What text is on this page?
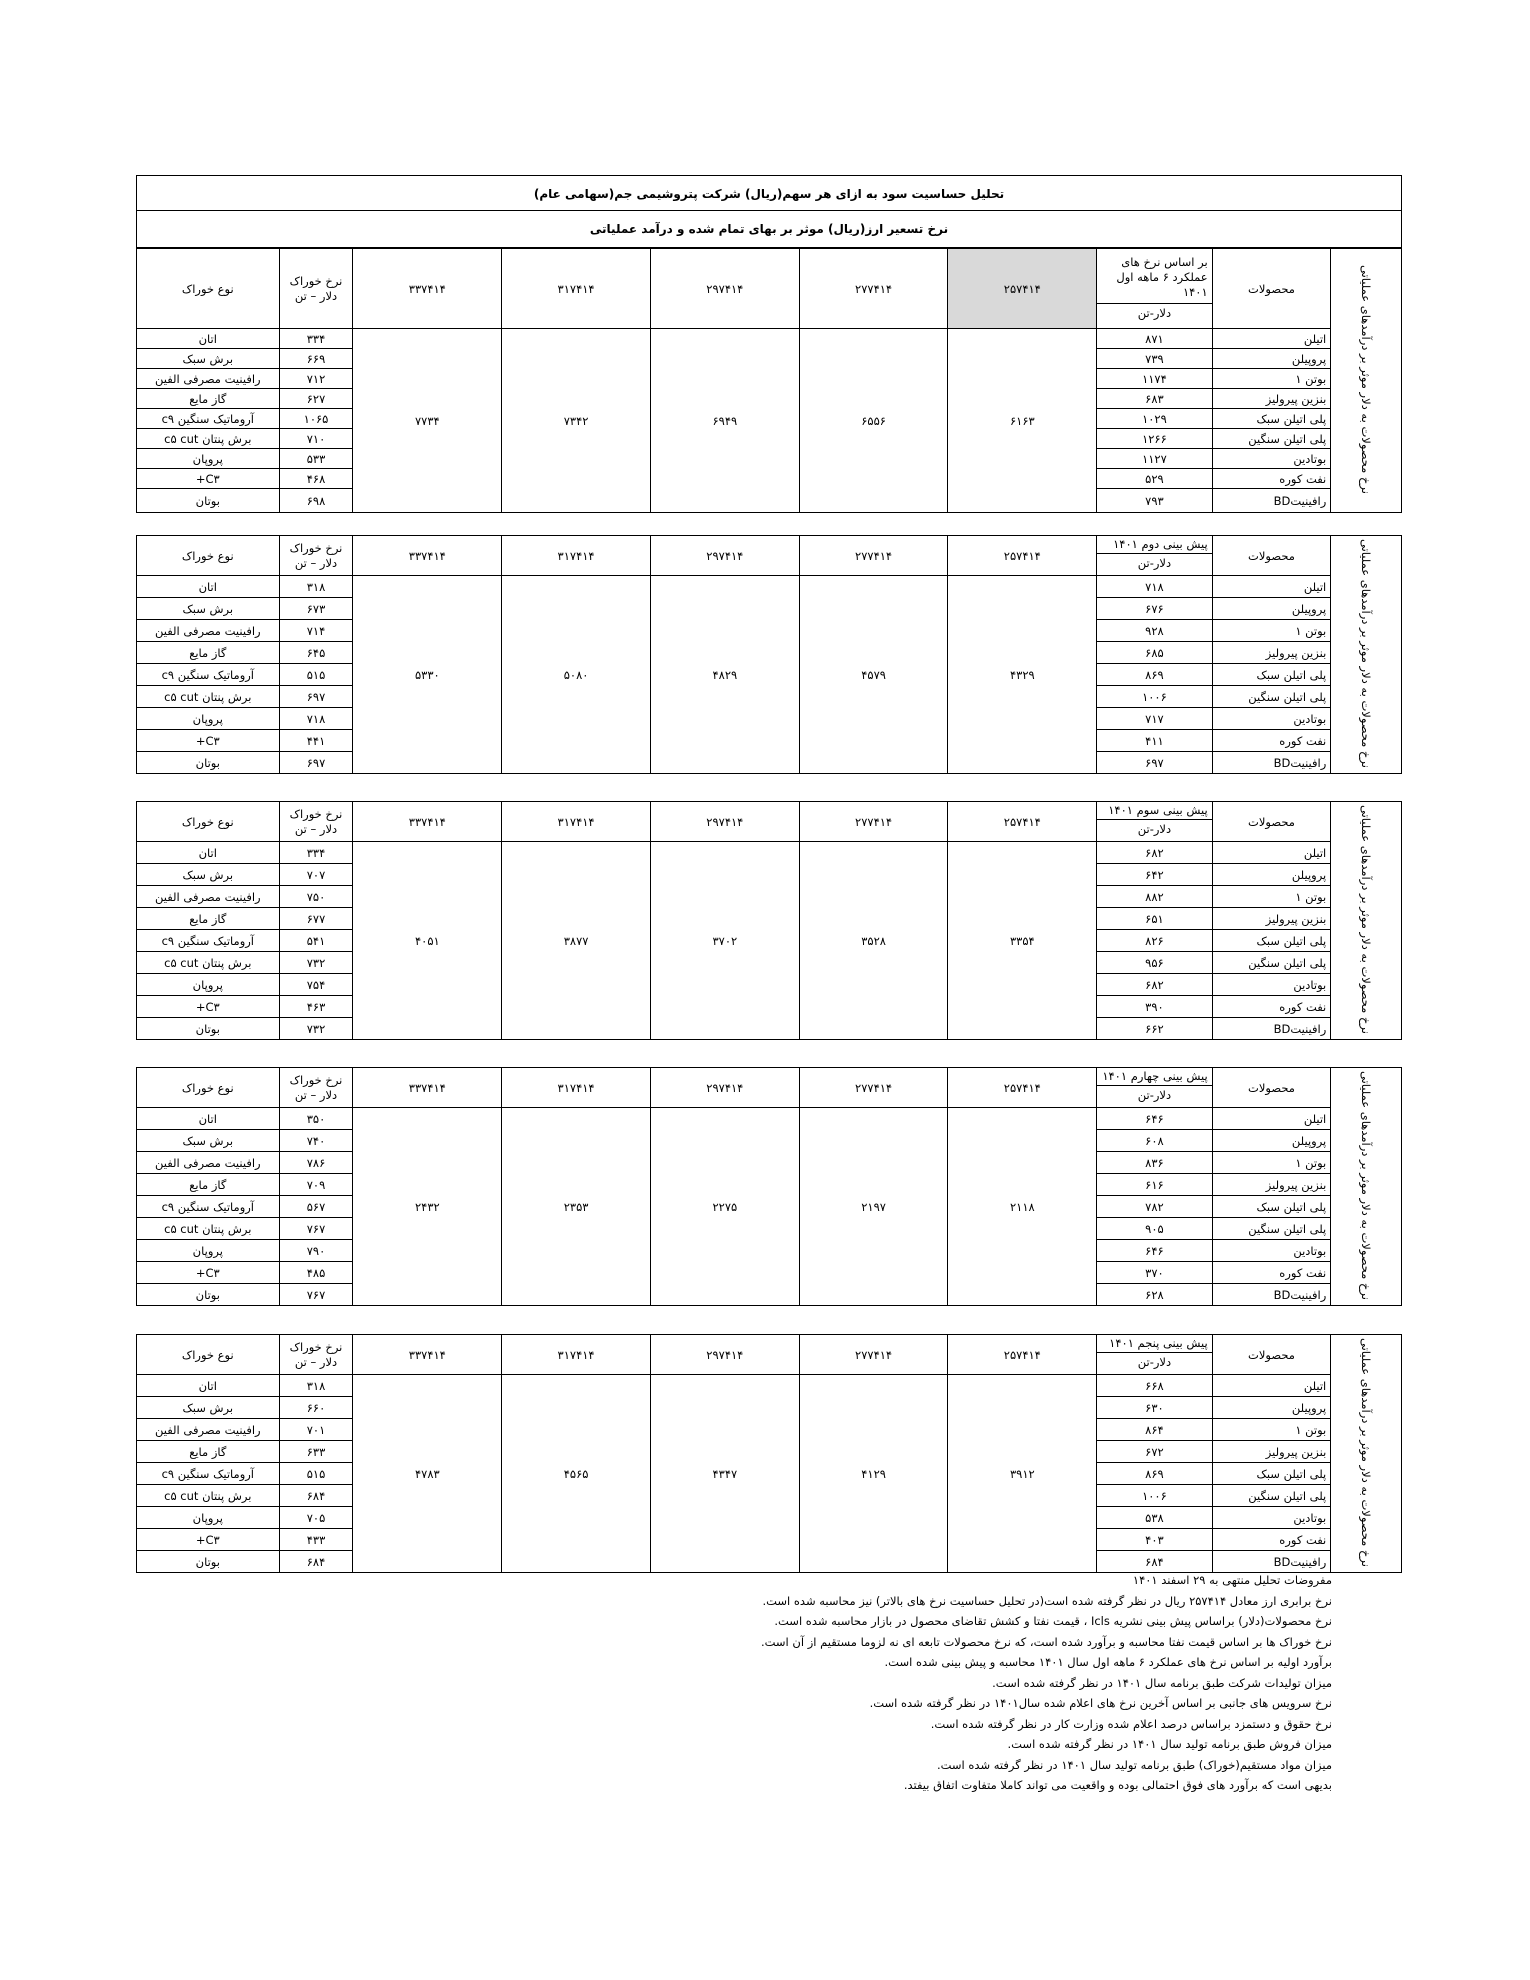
تحلیل حساسیت سود به ازای هر سهم(ریال) شرکت پتروشیمی جم(سهامی عام)
نرخ تسعیر ارز(ریال) موثر بر بهای تمام شده و درآمد عملیاتی
نرخ محصولات به دلار موثر بر درآمدهای عملیاتی	محصولات	بر اساس نرخ های عملکرد ۶ ماهه اول ۱۴۰۱
دلار-تن	۲۵۷۴۱۴	۲۷۷۴۱۴	۲۹۷۴۱۴	۳۱۷۴۱۴	۳۳۷۴۱۴	نرخ خوراک دلار – تن	نوع خوراک
	اتیلن	۸۷۱	۶۱۶۳	۶۵۵۶	۶۹۴۹	۷۳۴۲	۷۷۳۴	۳۳۴	اتان
	پروپیلن	۷۳۹						۶۶۹	برش سبک
	بوتن ۱	۱۱۷۴						۷۱۲	رافینیت مصرفی الفین
	بنزین پیرولیز	۶۸۳						۶۲۷	گاز مایع
	پلی اتیلن سبک	۱۰۲۹						۱۰۶۵	آروماتیک سنگین c۹
	پلی اتیلن سنگین	۱۲۶۶						۷۱۰	برش پنتان c۵ cut
	بوتادین	۱۱۲۷						۵۳۳	پروپان
	نفت کوره	۵۲۹						۴۶۸	C۳+
	رافینیتBD	۷۹۳						۶۹۸	بوتان
نرخ محصولات به دلار موثر بر درآمدهای عملیاتی	محصولات	پیش بینی دوم ۱۴۰۱
دلار-تن	۲۵۷۴۱۴	۲۷۷۴۱۴	۲۹۷۴۱۴	۳۱۷۴۱۴	۳۳۷۴۱۴	نرخ خوراک دلار – تن	نوع خوراک
	اتیلن	۷۱۸	۴۳۲۹	۴۵۷۹	۴۸۲۹	۵۰۸۰	۵۳۳۰	۳۱۸	اتان
	پروپیلن	۶۷۶						۶۷۳	برش سبک
	بوتن ۱	۹۲۸						۷۱۴	رافینیت مصرفی الفین
	بنزین پیرولیز	۶۸۵						۶۴۵	گاز مایع
	پلی اتیلن سبک	۸۶۹						۵۱۵	آروماتیک سنگین c۹
	پلی اتیلن سنگین	۱۰۰۶						۶۹۷	برش پنتان c۵ cut
	بوتادین	۷۱۷						۷۱۸	پروپان
	نفت کوره	۴۱۱						۴۴۱	C۳+
	رافینیتBD	۶۹۷						۶۹۷	بوتان
نرخ محصولات به دلار موثر بر درآمدهای عملیاتی	محصولات	پیش بینی سوم ۱۴۰۱
دلار-تن	۲۵۷۴۱۴	۲۷۷۴۱۴	۲۹۷۴۱۴	۳۱۷۴۱۴	۳۳۷۴۱۴	نرخ خوراک دلار – تن	نوع خوراک
	اتیلن	۶۸۲	۳۳۵۴	۳۵۲۸	۳۷۰۲	۳۸۷۷	۴۰۵۱	۳۳۴	اتان
	پروپیلن	۶۴۲						۷۰۷	برش سبک
	بوتن ۱	۸۸۲						۷۵۰	رافینیت مصرفی الفین
	بنزین پیرولیز	۶۵۱						۶۷۷	گاز مایع
	پلی اتیلن سبک	۸۲۶						۵۴۱	آروماتیک سنگین c۹
	پلی اتیلن سنگین	۹۵۶						۷۳۲	برش پنتان c۵ cut
	بوتادین	۶۸۲						۷۵۴	پروپان
	نفت کوره	۳۹۰						۴۶۳	C۳+
	رافینیتBD	۶۶۲						۷۳۲	بوتان
نرخ محصولات به دلار موثر بر درآمدهای عملیاتی	محصولات	پیش بینی چهارم ۱۴۰۱
دلار-تن	۲۵۷۴۱۴	۲۷۷۴۱۴	۲۹۷۴۱۴	۳۱۷۴۱۴	۳۳۷۴۱۴	نرخ خوراک دلار – تن	نوع خوراک
	اتیلن	۶۴۶	۲۱۱۸	۲۱۹۷	۲۲۷۵	۲۳۵۳	۲۴۳۲	۳۵۰	اتان
	پروپیلن	۶۰۸						۷۴۰	برش سبک
	بوتن ۱	۸۳۶						۷۸۶	رافینیت مصرفی الفین
	بنزین پیرولیز	۶۱۶						۷۰۹	گاز مایع
	پلی اتیلن سبک	۷۸۲						۵۶۷	آروماتیک سنگین c۹
	پلی اتیلن سنگین	۹۰۵						۷۶۷	برش پنتان c۵ cut
	بوتادین	۶۴۶						۷۹۰	پروپان
	نفت کوره	۳۷۰						۴۸۵	C۳+
	رافینیتBD	۶۲۸						۷۶۷	بوتان
نرخ محصولات به دلار موثر بر درآمدهای عملیاتی	محصولات	پیش بینی پنجم ۱۴۰۱
دلار-تن	۲۵۷۴۱۴	۲۷۷۴۱۴	۲۹۷۴۱۴	۳۱۷۴۱۴	۳۳۷۴۱۴	نرخ خوراک دلار – تن	نوع خوراک
	اتیلن	۶۶۸	۳۹۱۲	۴۱۲۹	۴۳۴۷	۴۵۶۵	۴۷۸۳	۳۱۸	اتان
	پروپیلن	۶۳۰						۶۶۰	برش سبک
	بوتن ۱	۸۶۴						۷۰۱	رافینیت مصرفی الفین
	بنزین پیرولیز	۶۷۲						۶۳۳	گاز مایع
	پلی اتیلن سبک	۸۶۹						۵۱۵	آروماتیک سنگین c۹
	پلی اتیلن سنگین	۱۰۰۶						۶۸۴	برش پنتان c۵ cut
	بوتادین	۵۳۸						۷۰۵	پروپان
	نفت کوره	۴۰۳						۴۳۳	C۳+
	رافینیتBD	۶۸۴						۶۸۴	بوتان
مفروضات تحلیل منتهی به ۲۹ اسفند ۱۴۰۱
نرخ برابری ارز معادل ۲۵۷۴۱۴ ریال در نظر گرفته شده است(در تحلیل حساسیت نرخ های بالاتر) نیز محاسبه شده است.
نرخ محصولات(دلار) براساس پیش بینی نشریه Icls ، قیمت نفتا و کشش تقاضای محصول در بازار محاسبه شده است.
نرخ خوراک ها بر اساس قیمت نفتا محاسبه و برآورد شده است، که نرخ محصولات تابعه ای نه لزوما مستقیم از آن است.
برآورد اولیه بر اساس نرخ های عملکرد ۶ ماهه اول سال ۱۴۰۱ محاسبه و پیش بینی شده است.
میزان تولیدات شرکت طبق برنامه سال ۱۴۰۱ در نظر گرفته شده است.
نرخ سرویس های جانبی بر اساس آخرین نرخ های اعلام شده سال۱۴۰۱ در نظر گرفته شده است.
نرخ حقوق و دستمزد براساس درصد اعلام شده وزارت کار در نظر گرفته شده است.
میزان فروش طبق برنامه تولید سال ۱۴۰۱ در نظر گرفته شده است.
میزان مواد مستقیم(خوراک) طبق برنامه تولید سال ۱۴۰۱ در نظر گرفته شده است.
بدیهی است که برآورد های فوق احتمالی بوده و واقعیت می تواند کاملا متفاوت اتفاق بیفتد.
